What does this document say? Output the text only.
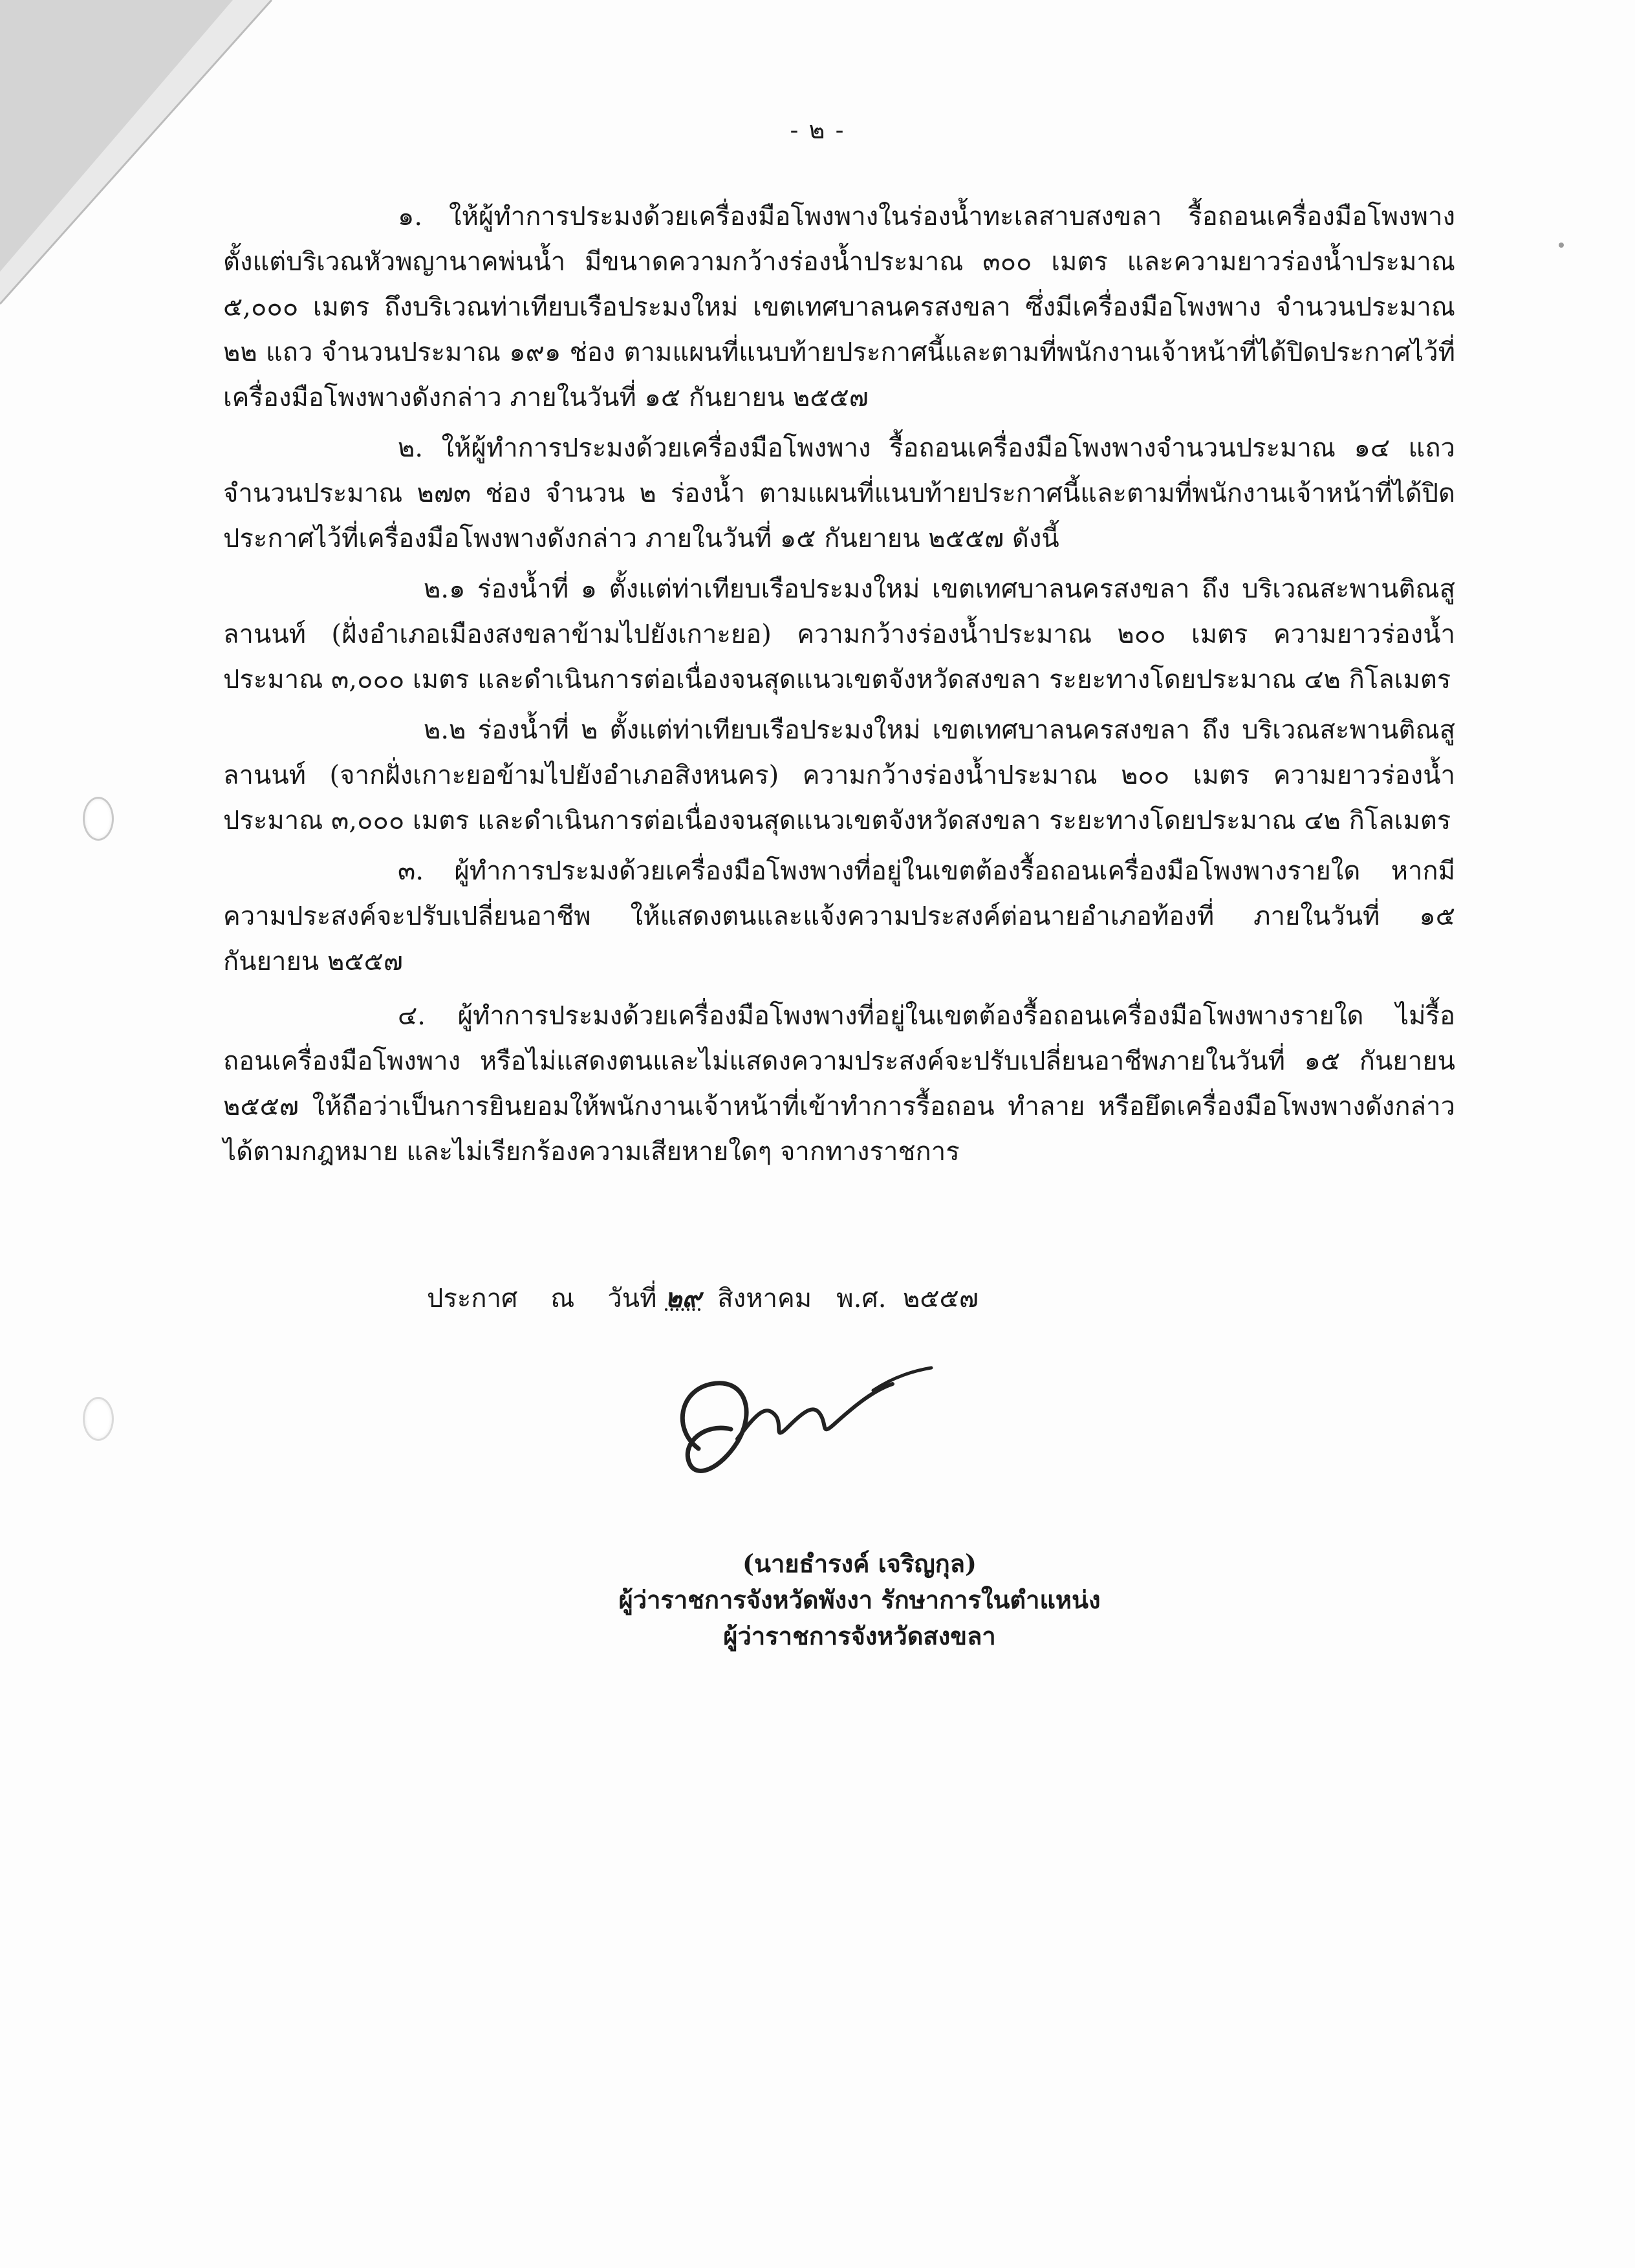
- ๒ -

๑. ให้ผู้ทำการประมงด้วยเครื่องมือโพงพางในร่องน้ำทะเลสาบสงขลา รื้อถอนเครื่องมือโพงพาง ตั้งแต่บริเวณหัวพญานาคพ่นน้ำ มีขนาดความกว้างร่องน้ำประมาณ ๓๐๐ เมตร และความยาวร่องน้ำประมาณ ๕,๐๐๐ เมตร ถึงบริเวณท่าเทียบเรือประมงใหม่ เขตเทศบาลนครสงขลา ซึ่งมีเครื่องมือโพงพาง จำนวนประมาณ ๒๒ แถว จำนวนประมาณ ๑๙๑ ช่อง ตามแผนที่แนบท้ายประกาศนี้และตามที่พนักงานเจ้าหน้าที่ได้ปิดประกาศไว้ที่เครื่องมือโพงพางดังกล่าว ภายในวันที่ ๑๕ กันยายน ๒๕๕๗

๒. ให้ผู้ทำการประมงด้วยเครื่องมือโพงพาง รื้อถอนเครื่องมือโพงพางจำนวนประมาณ ๑๔ แถว จำนวนประมาณ ๒๗๓ ช่อง จำนวน ๒ ร่องน้ำ ตามแผนที่แนบท้ายประกาศนี้และตามที่พนักงานเจ้าหน้าที่ได้ปิดประกาศไว้ที่เครื่องมือโพงพางดังกล่าว ภายในวันที่ ๑๕ กันยายน ๒๕๕๗ ดังนี้

๒.๑ ร่องน้ำที่ ๑ ตั้งแต่ท่าเทียบเรือประมงใหม่ เขตเทศบาลนครสงขลา ถึง บริเวณสะพานติณสูลานนท์ (ฝั่งอำเภอเมืองสงขลาข้ามไปยังเกาะยอ) ความกว้างร่องน้ำประมาณ ๒๐๐ เมตร ความยาวร่องน้ำประมาณ ๓,๐๐๐ เมตร และดำเนินการต่อเนื่องจนสุดแนวเขตจังหวัดสงขลา ระยะทางโดยประมาณ ๔๒ กิโลเมตร

๒.๒ ร่องน้ำที่ ๒ ตั้งแต่ท่าเทียบเรือประมงใหม่ เขตเทศบาลนครสงขลา ถึง บริเวณสะพานติณสูลานนท์ (จากฝั่งเกาะยอข้ามไปยังอำเภอสิงหนคร) ความกว้างร่องน้ำประมาณ ๒๐๐ เมตร ความยาวร่องน้ำประมาณ ๓,๐๐๐ เมตร และดำเนินการต่อเนื่องจนสุดแนวเขตจังหวัดสงขลา ระยะทางโดยประมาณ ๔๒ กิโลเมตร

๓. ผู้ทำการประมงด้วยเครื่องมือโพงพางที่อยู่ในเขตต้องรื้อถอนเครื่องมือโพงพางรายใด หากมีความประสงค์จะปรับเปลี่ยนอาชีพ ให้แสดงตนและแจ้งความประสงค์ต่อนายอำเภอท้องที่ ภายในวันที่ ๑๕ กันยายน ๒๕๕๗

๔. ผู้ทำการประมงด้วยเครื่องมือโพงพางที่อยู่ในเขตต้องรื้อถอนเครื่องมือโพงพางรายใด ไม่รื้อถอนเครื่องมือโพงพาง หรือไม่แสดงตนและไม่แสดงความประสงค์จะปรับเปลี่ยนอาชีพภายในวันที่ ๑๕ กันยายน ๒๕๕๗ ให้ถือว่าเป็นการยินยอมให้พนักงานเจ้าหน้าที่เข้าทำการรื้อถอน ทำลาย หรือยึดเครื่องมือโพงพางดังกล่าวได้ตามกฎหมาย และไม่เรียกร้องความเสียหายใดๆ จากทางราชการ

ประกาศ    ณ    วันที่ ๒๙  สิงหาคม   พ.ศ.  ๒๕๕๗
(นายธำรงค์ เจริญกุล)
ผู้ว่าราชการจังหวัดพังงา รักษาการในตำแหน่ง
ผู้ว่าราชการจังหวัดสงขลา
